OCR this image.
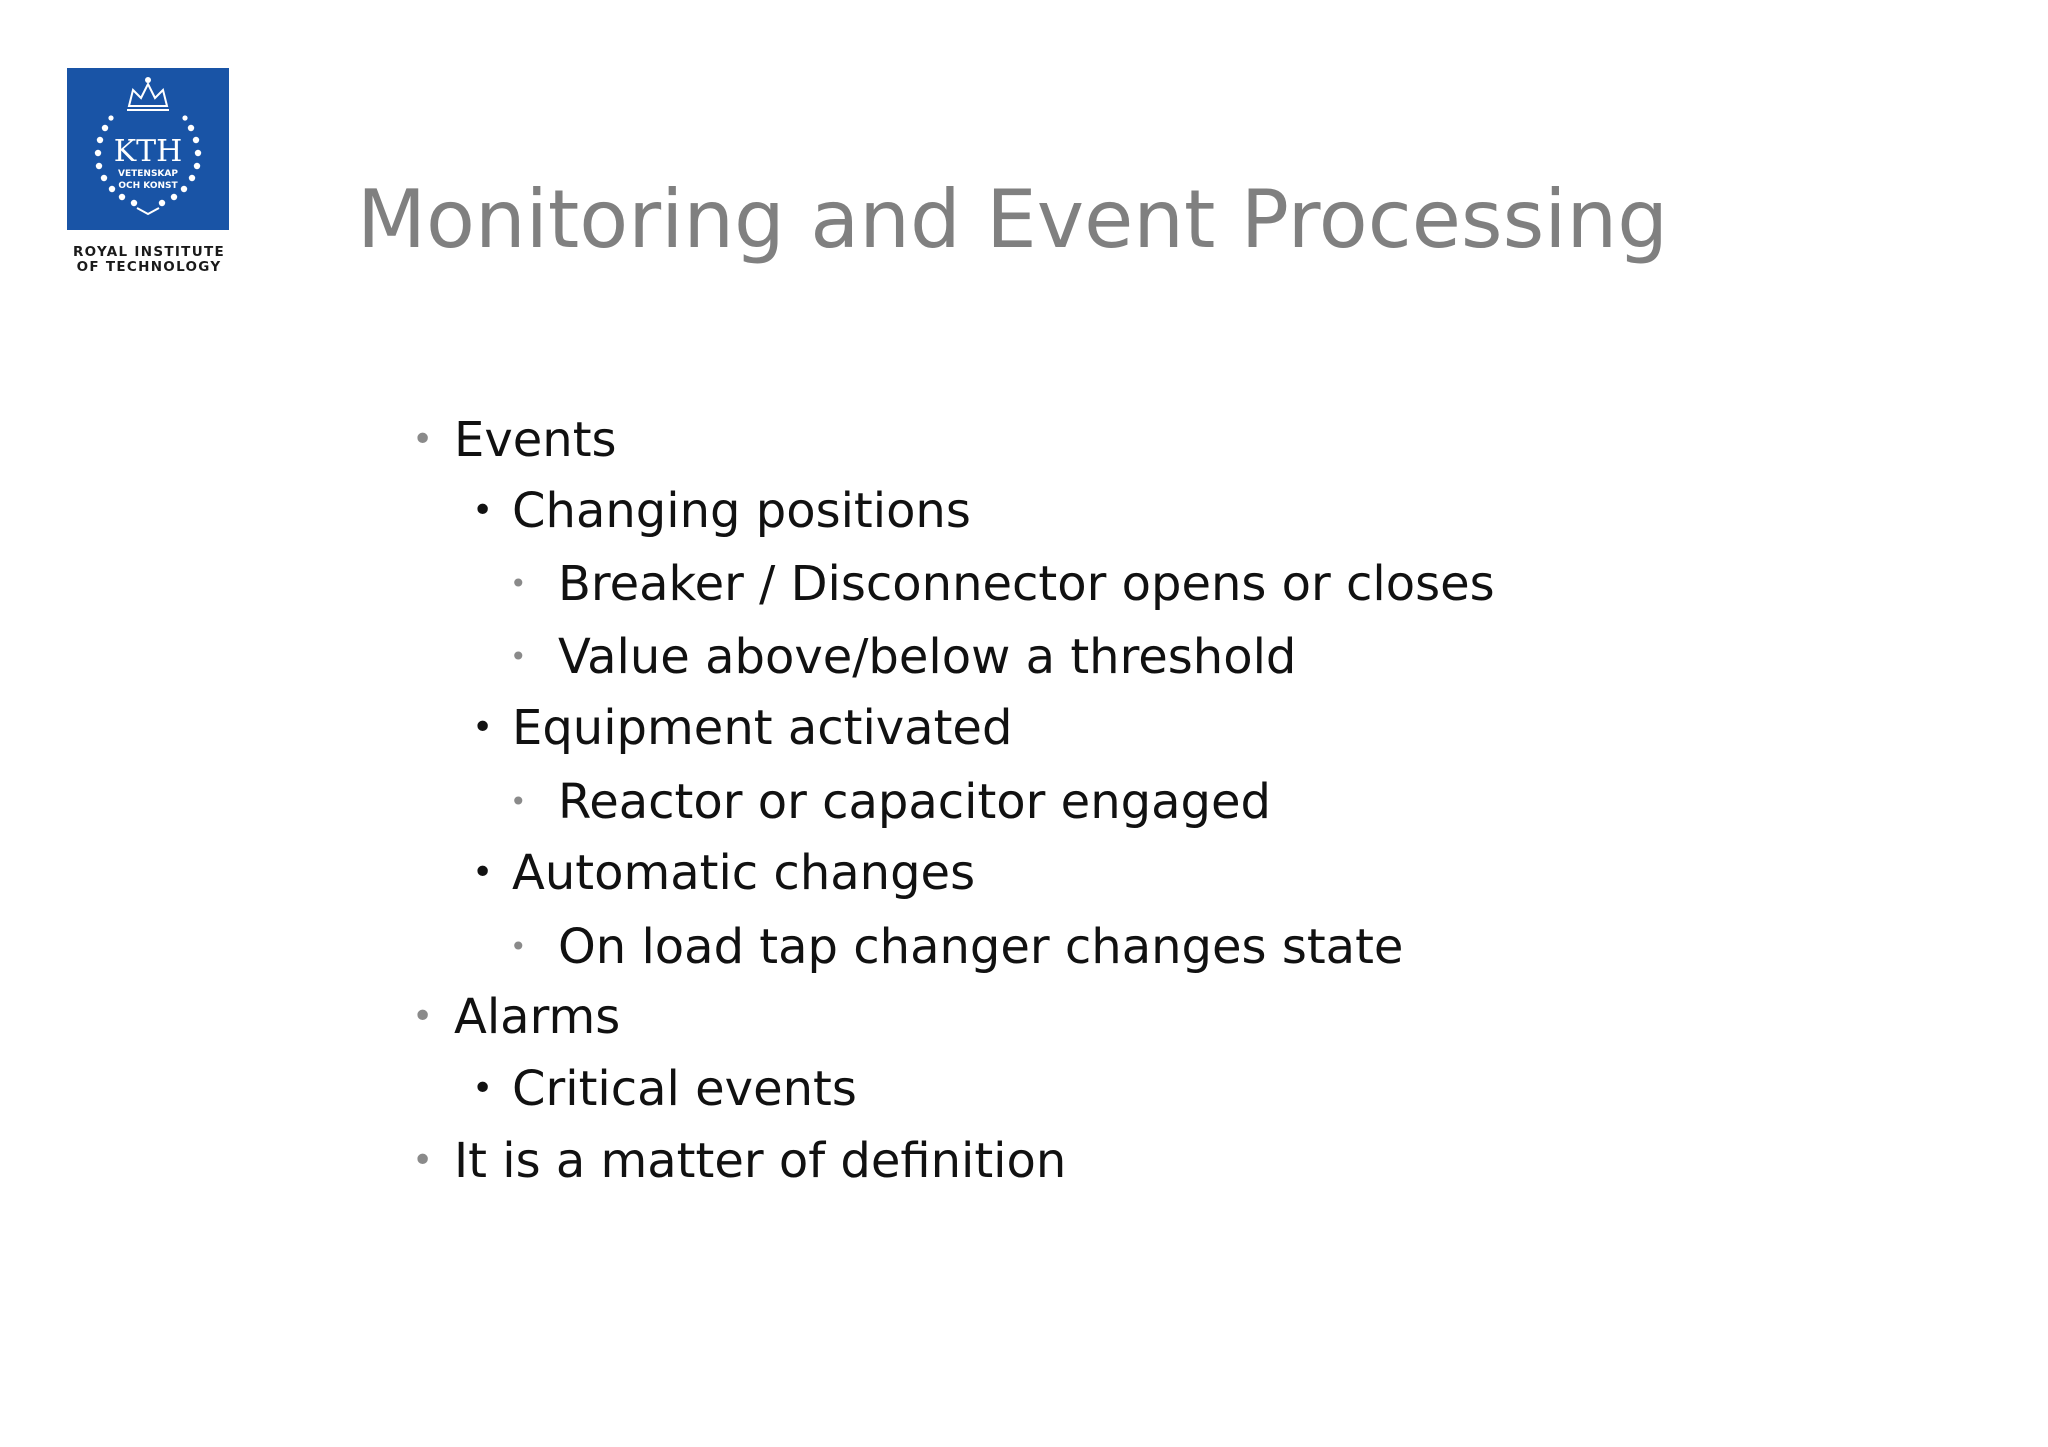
KTH
VETENSKAP
OCH KONST
ROYAL INSTITUTE
OF TECHNOLOGY
Monitoring and Event Processing
• Events
• Changing positions
• Breaker / Disconnector opens or closes
• Value above/below a threshold
• Equipment activated
• Reactor or capacitor engaged
• Automatic changes
• On load tap changer changes state
• Alarms
• Critical events
• It is a matter of definition
